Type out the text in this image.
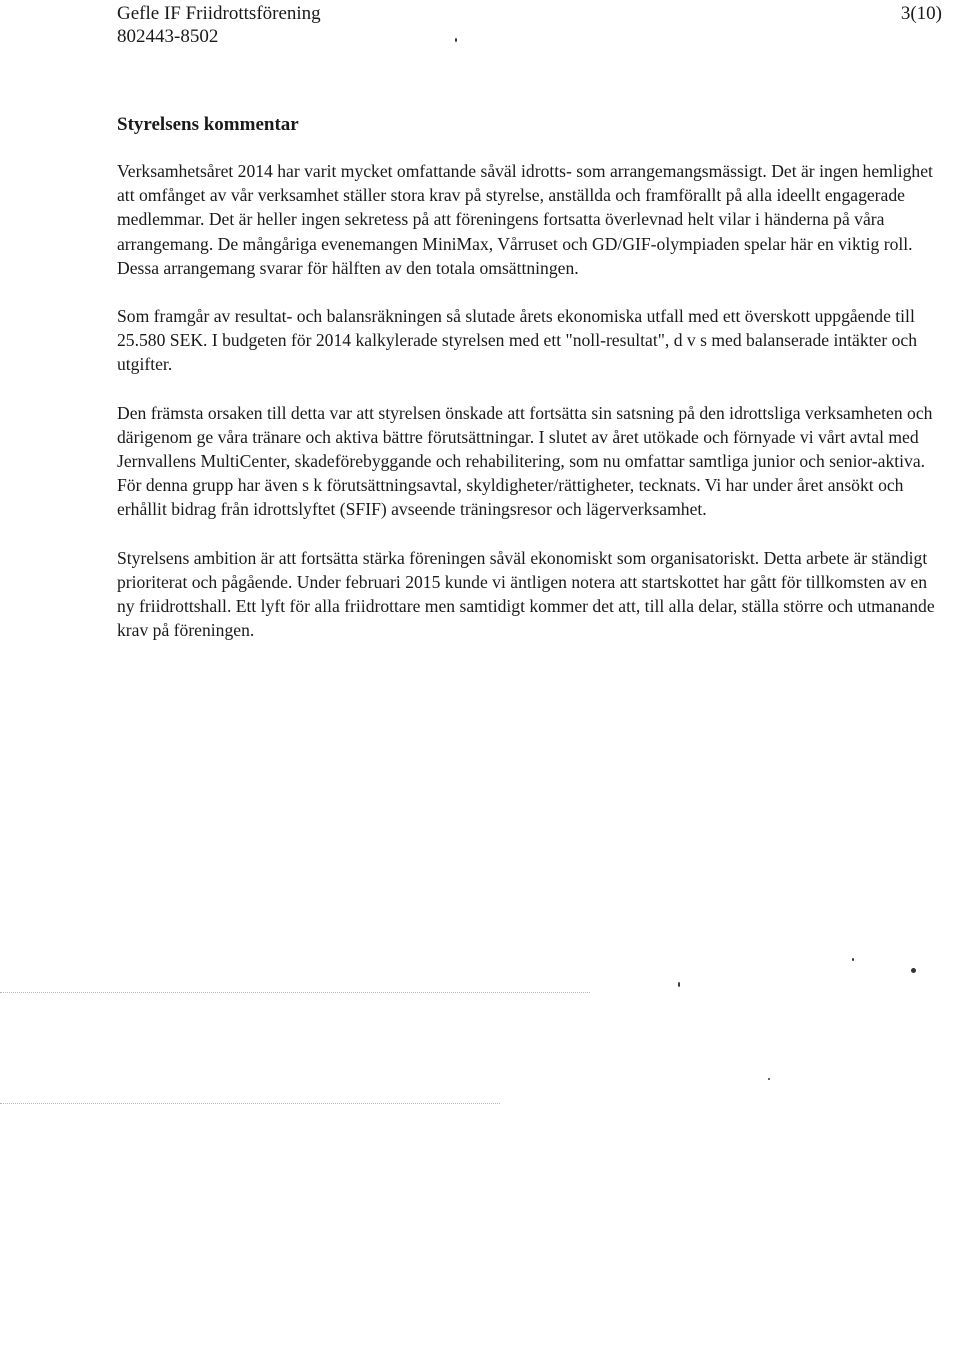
Gefle IF Friidrottsförening
802443-8502
3(10)
Styrelsens kommentar

Verksamhetsåret 2014 har varit mycket omfattande såväl idrotts- som arrangemangsmässigt. Det är ingen hemlighet att omfånget av vår verksamhet ställer stora krav på styrelse, anställda och framförallt på alla ideellt engagerade medlemmar. Det är heller ingen sekretess på att föreningens fortsatta överlevnad helt vilar i händerna på våra arrangemang. De mångåriga evenemangen MiniMax, Vårruset och GD/GIF-olympiaden spelar här en viktig roll. Dessa arrangemang svarar för hälften av den totala omsättningen.

Som framgår av resultat- och balansräkningen så slutade årets ekonomiska utfall med ett överskott uppgående till 25.580 SEK. I budgeten för 2014 kalkylerade styrelsen med ett "noll-resultat", d v s med balanserade intäkter och utgifter.

Den främsta orsaken till detta var att styrelsen önskade att fortsätta sin satsning på den idrottsliga verksamheten och därigenom ge våra tränare och aktiva bättre förutsättningar. I slutet av året utökade och förnyade vi vårt avtal med Jernvallens MultiCenter, skadeförebyggande och rehabilitering, som nu omfattar samtliga junior och senior-aktiva. För denna grupp har även s k förutsättningsavtal, skyldigheter/rättigheter, tecknats. Vi har under året ansökt och erhållit bidrag från idrottslyftet (SFIF) avseende träningsresor och lägerverksamhet.

Styrelsens ambition är att fortsätta stärka föreningen såväl ekonomiskt som organisatoriskt. Detta arbete är ständigt prioriterat och pågående. Under februari 2015 kunde vi äntligen notera att startskottet har gått för tillkomsten av en ny friidrottshall. Ett lyft för alla friidrottare men samtidigt kommer det att, till alla delar, ställa större och utmanande krav på föreningen.
